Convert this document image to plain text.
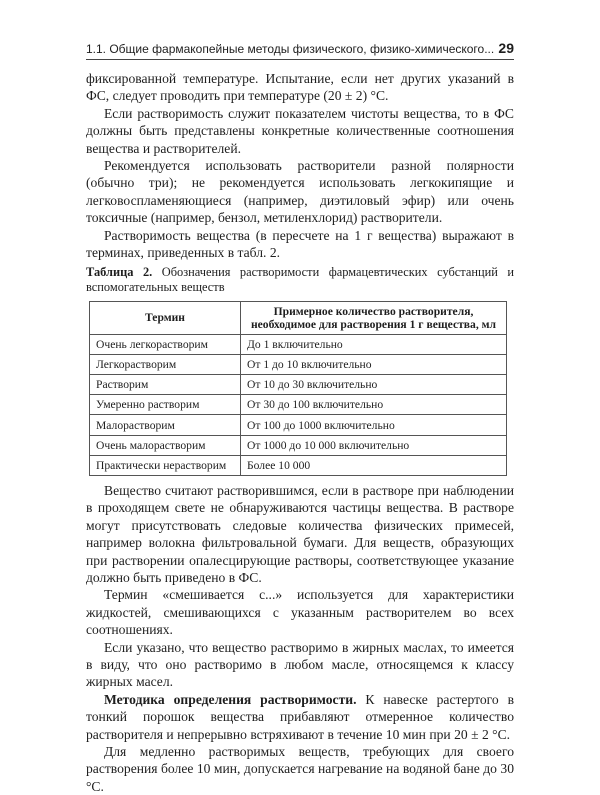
1.1. Общие фармакопейные методы физического, физико-химического... 29

фиксированной температуре. Испытание, если нет других указаний в ФС, следует проводить при температуре (20 ± 2) °С.

Если растворимость служит показателем чистоты вещества, то в ФС должны быть представлены конкретные количественные соотношения вещества и растворителей.

Рекомендуется использовать растворители разной полярности (обычно три); не рекомендуется использовать легкокипящие и легковоспламеняющиеся (например, диэтиловый эфир) или очень токсичные (например, бензол, метиленхлорид) растворители.

Растворимость вещества (в пересчете на 1 г вещества) выражают в терминах, приведенных в табл. 2.

Таблица 2. Обозначения растворимости фармацевтических субстанций и вспомогательных веществ
Термин	Примерное количество растворителя, необходимое для растворения 1 г вещества, мл
Очень легкорастворим	До 1 включительно
Легкорастворим	От 1 до 10 включительно
Растворим	От 10 до 30 включительно
Умеренно растворим	От 30 до 100 включительно
Малорастворим	От 100 до 1000 включительно
Очень малорастворим	От 1000 до 10 000 включительно
Практически нерастворим	Более 10 000

Вещество считают растворившимся, если в растворе при наблюдении в проходящем свете не обнаруживаются частицы вещества. В растворе могут присутствовать следовые количества физических примесей, например волокна фильтровальной бумаги. Для веществ, образующих при растворении опалесцирующие растворы, соответствующее указание должно быть приведено в ФС.

Термин «смешивается с...» используется для характеристики жидкостей, смешивающихся с указанным растворителем во всех соотношениях.

Если указано, что вещество растворимо в жирных маслах, то имеется в виду, что оно растворимо в любом масле, относящемся к классу жирных масел.

Методика определения растворимости. К навеске растертого в тонкий порошок вещества прибавляют отмеренное количество растворителя и непрерывно встряхивают в течение 10 мин при 20 ± 2 °С.

Для медленно растворимых веществ, требующих для своего растворения более 10 мин, допускается нагревание на водяной бане до 30 °С.
